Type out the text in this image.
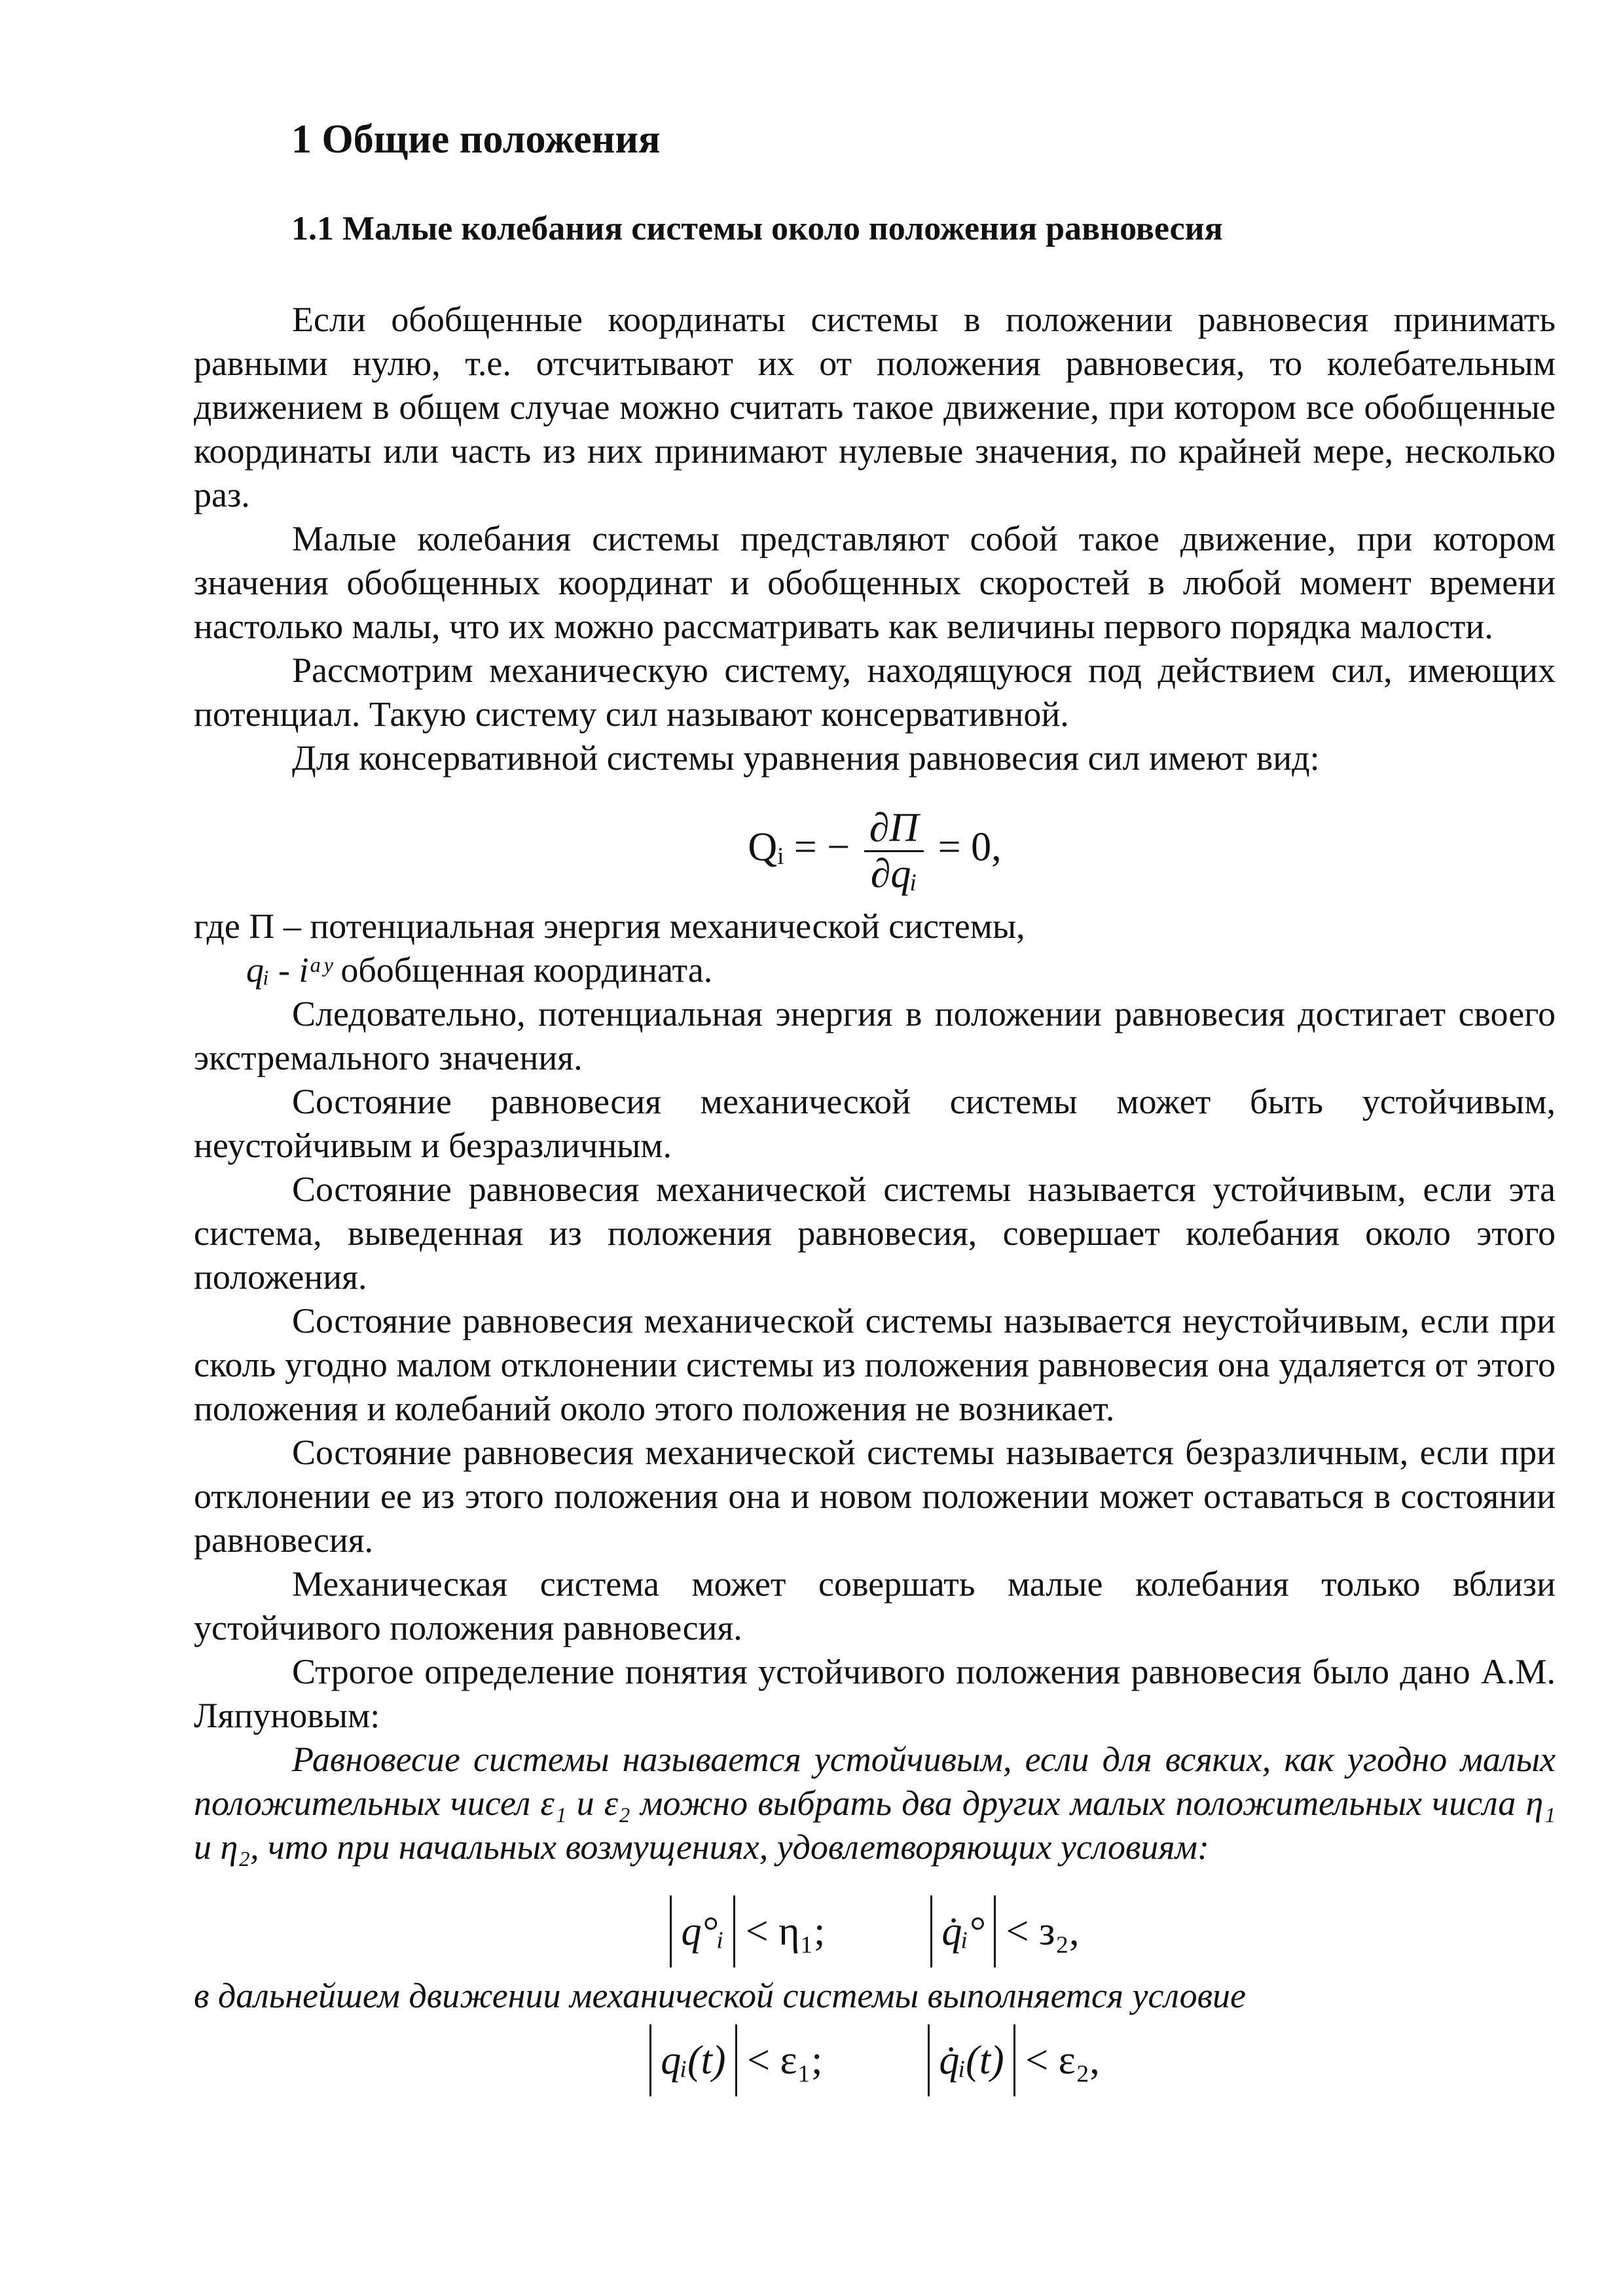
1 Общие положения
1.1 Малые колебания системы около положения равновесия

Если обобщенные координаты системы в положении равновесия принимать равными нулю, т.е. отсчитывают их от положения равновесия, то колебательным движением в общем случае можно считать такое движение, при котором все обобщенные координаты или часть из них принимают нулевые значения, по крайней мере, несколько раз.

Малые колебания системы представляют собой такое движение, при котором значения обобщенных координат и обобщенных скоростей в любой момент времени настолько малы, что их можно рассматривать как величины первого порядка малости.

Рассмотрим механическую систему, находящуюся под действием сил, имеющих потенциал. Такую систему сил называют консервативной.

Для консервативной системы уравнения равновесия сил имеют вид:

Qᵢ = − $\frac{\partial П}{\text{∂qᵢ}} = 0$,

где П – потенциальная энергия механической системы,

qᵢ - iᵃʸ обобщенная координата.

Следовательно, потенциальная энергия в положении равновесия достигает своего экстремального значения.

Состояние равновесия механической системы может быть устойчивым, неустойчивым и безразличным.

Состояние равновесия механической системы называется устойчивым, если эта система, выведенная из положения равновесия, совершает колебания около этого положения.

Состояние равновесия механической системы называется неустойчивым, если при сколь угодно малом отклонении системы из положения равновесия она удаляется от этого положения и колебаний около этого положения не возникает.

Состояние равновесия механической системы называется безразличным, если при отклонении ее из этого положения она и новом положении может оставаться в состоянии равновесия.

Механическая система может совершать малые колебания только вблизи устойчивого положения равновесия.

Строгое определение понятия устойчивого положения равновесия было дано А.М. Ляпуновым:

Равновесие системы называется устойчивым, если для всяких, как угодно малых положительных чисел ε₁ и ε₂ можно выбрать два других малых положительных числа η₁ и η₂, что при начальных возмущениях, удовлетворяющих условиям:

q°ᵢ < η₁;	q̇ᵢ° < з₂,

в дальнейшем движении механической системы выполняется условие

qᵢ(t) < ε₁;	q̇ᵢ(t) < ε₂,
